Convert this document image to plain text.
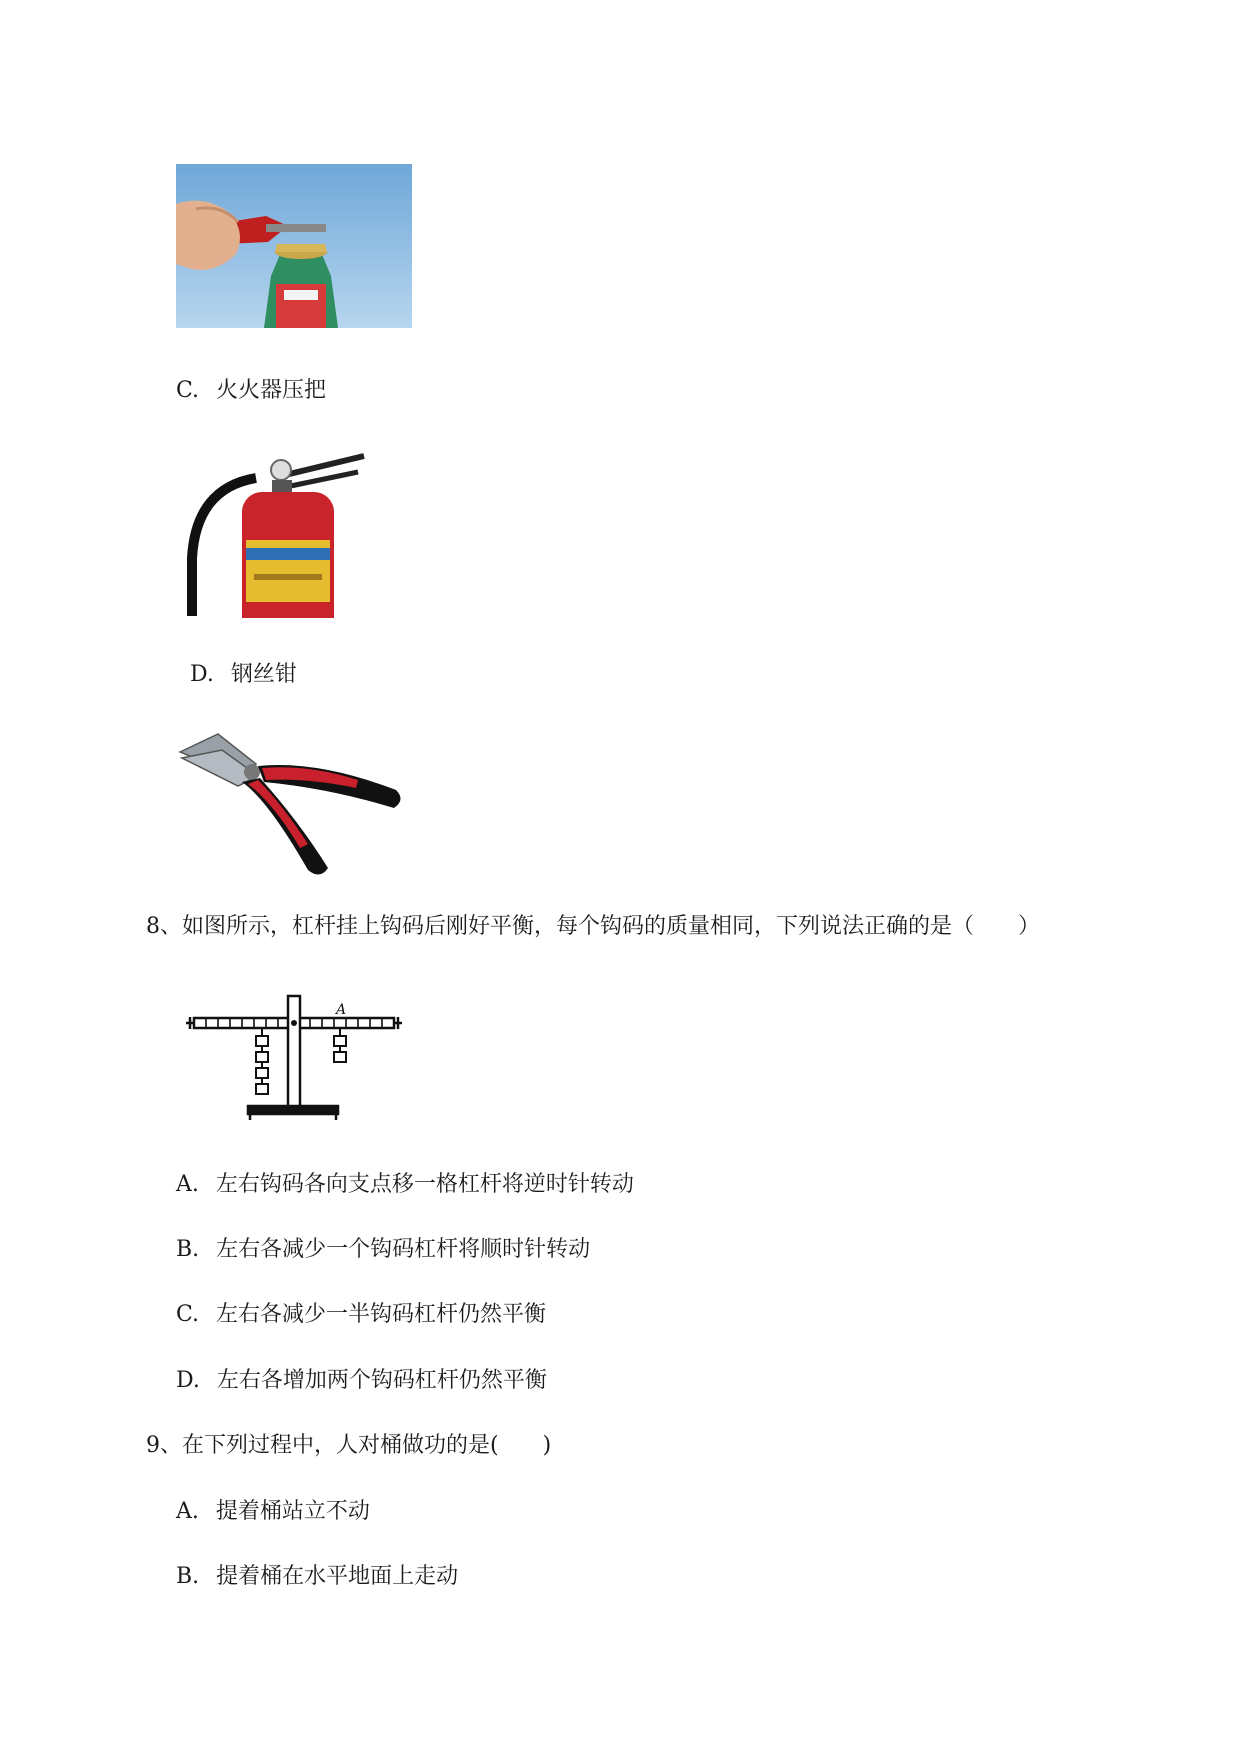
C. 火火器压把
D. 钢丝钳
8、如图所示，杠杆挂上钩码后刚好平衡，每个钩码的质量相同，下列说法正确的是（　　）
A
A. 左右钩码各向支点移一格杠杆将逆时针转动
B. 左右各减少一个钩码杠杆将顺时针转动
C. 左右各减少一半钩码杠杆仍然平衡
D. 左右各增加两个钩码杠杆仍然平衡
9、在下列过程中，人对桶做功的是(　　)
A. 提着桶站立不动
B. 提着桶在水平地面上走动
